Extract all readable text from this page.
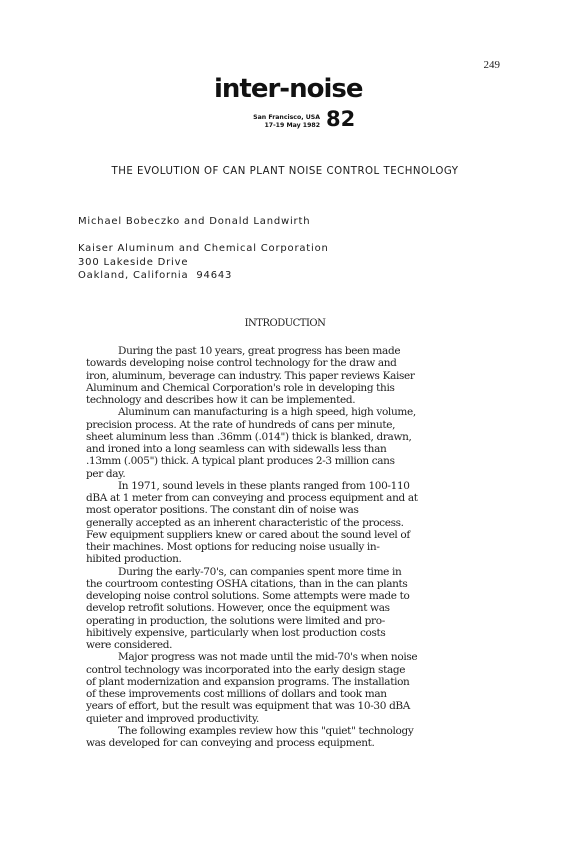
249
inter-noise
San Francisco, USA
17-19 May 1982 82
THE EVOLUTION OF CAN PLANT NOISE CONTROL TECHNOLOGY
Michael Bobeczko and Donald Landwirth
Kaiser Aluminum and Chemical Corporation
300 Lakeside Drive
Oakland, California  94643
INTRODUCTION

During the past 10 years, great progress has been made
towards developing noise control technology for the draw and
iron, aluminum, beverage can industry. This paper reviews Kaiser
Aluminum and Chemical Corporation's role in developing this
technology and describes how it can be implemented.

Aluminum can manufacturing is a high speed, high volume,
precision process. At the rate of hundreds of cans per minute,
sheet aluminum less than .36mm (.014") thick is blanked, drawn,
and ironed into a long seamless can with sidewalls less than
.13mm (.005") thick. A typical plant produces 2-3 million cans
per day.

In 1971, sound levels in these plants ranged from 100-110
dBA at 1 meter from can conveying and process equipment and at
most operator positions. The constant din of noise was
generally accepted as an inherent characteristic of the process.
Few equipment suppliers knew or cared about the sound level of
their machines. Most options for reducing noise usually in-
hibited production.

During the early-70's, can companies spent more time in
the courtroom contesting OSHA citations, than in the can plants
developing noise control solutions. Some attempts were made to
develop retrofit solutions. However, once the equipment was
operating in production, the solutions were limited and pro-
hibitively expensive, particularly when lost production costs
were considered.

Major progress was not made until the mid-70's when noise
control technology was incorporated into the early design stage
of plant modernization and expansion programs. The installation
of these improvements cost millions of dollars and took man
years of effort, but the result was equipment that was 10-30 dBA
quieter and improved productivity.

The following examples review how this "quiet" technology
was developed for can conveying and process equipment.
